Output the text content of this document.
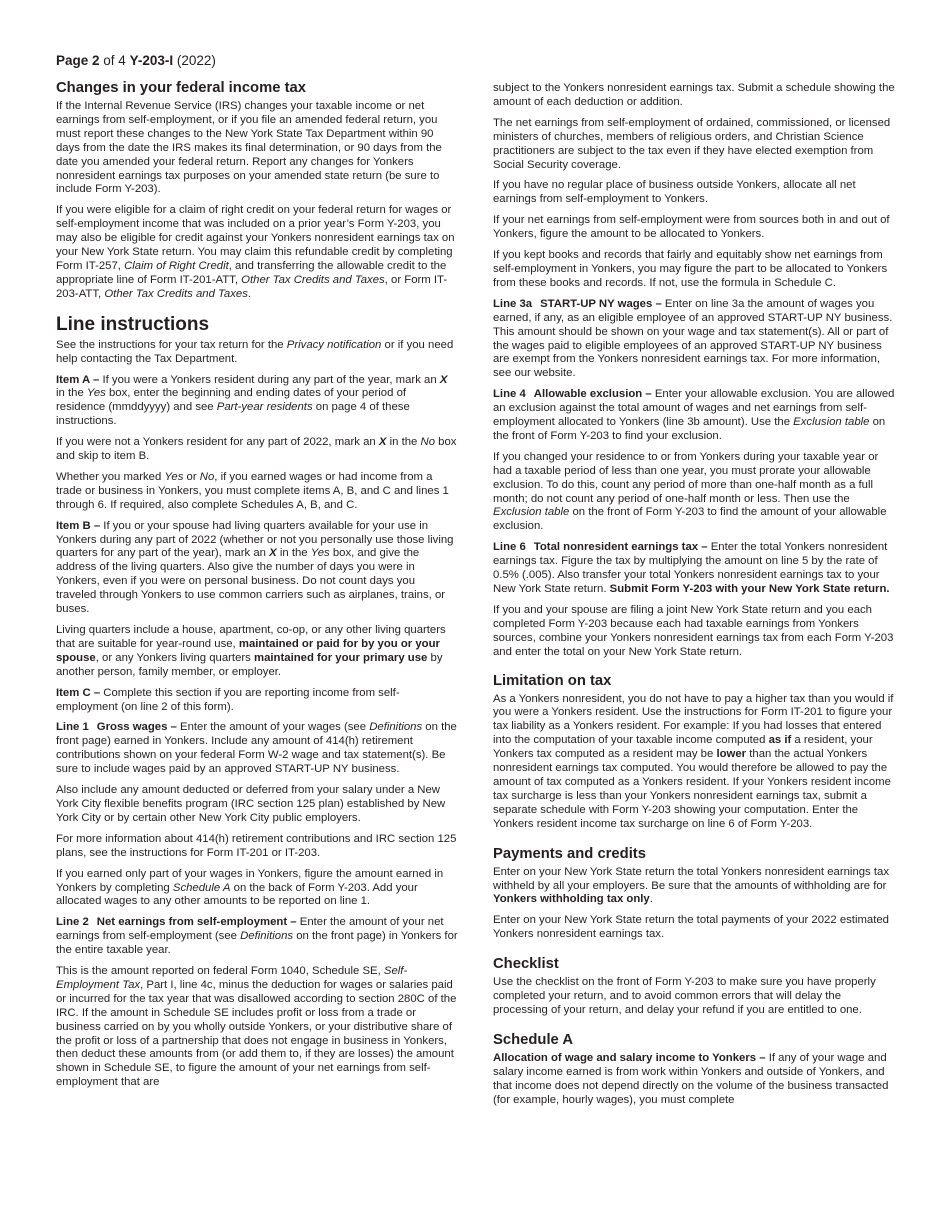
Page 2 of 4 Y-203-I (2022)
Changes in your federal income tax

If the Internal Revenue Service (IRS) changes your taxable income or net earnings from self-employment, or if you file an amended federal return, you must report these changes to the New York State Tax Department within 90 days from the date the IRS makes its final determination, or 90 days from the date you amended your federal return. Report any changes for Yonkers nonresident earnings tax purposes on your amended state return (be sure to include Form Y-203).

If you were eligible for a claim of right credit on your federal return for wages or self-employment income that was included on a prior year’s Form Y-203, you may also be eligible for credit against your Yonkers nonresident earnings tax on your New York State return. You may claim this refundable credit by completing Form IT-257, Claim of Right Credit, and transferring the allowable credit to the appropriate line of Form IT-201-ATT, Other Tax Credits and Taxes, or Form IT-203-ATT, Other Tax Credits and Taxes.

Line instructions

See the instructions for your tax return for the Privacy notification or if you need help contacting the Tax Department.

Item A – If you were a Yonkers resident during any part of the year, mark an X in the Yes box, enter the beginning and ending dates of your period of residence (mmddyyyy) and see Part-year residents on page 4 of these instructions.

If you were not a Yonkers resident for any part of 2022, mark an X in the No box and skip to item B.

Whether you marked Yes or No, if you earned wages or had income from a trade or business in Yonkers, you must complete items A, B, and C and lines 1 through 6. If required, also complete Schedules A, B, and C.

Item B – If you or your spouse had living quarters available for your use in Yonkers during any part of 2022 (whether or not you personally use those living quarters for any part of the year), mark an X in the Yes box, and give the address of the living quarters. Also give the number of days you were in Yonkers, even if you were on personal business. Do not count days you traveled through Yonkers to use common carriers such as airplanes, trains, or buses.

Living quarters include a house, apartment, co-op, or any other living quarters that are suitable for year-round use, maintained or paid for by you or your spouse, or any Yonkers living quarters maintained for your primary use by another person, family member, or employer.

Item C – Complete this section if you are reporting income from self-employment (on line 2 of this form).

Line 1 Gross wages – Enter the amount of your wages (see Definitions on the front page) earned in Yonkers. Include any amount of 414(h) retirement contributions shown on your federal Form W-2 wage and tax statement(s). Be sure to include wages paid by an approved START-UP NY business.

Also include any amount deducted or deferred from your salary under a New York City flexible benefits program (IRC section 125 plan) established by New York City or by certain other New York City public employers.

For more information about 414(h) retirement contributions and IRC section 125 plans, see the instructions for Form IT-201 or IT-203.

If you earned only part of your wages in Yonkers, figure the amount earned in Yonkers by completing Schedule A on the back of Form Y-203. Add your allocated wages to any other amounts to be reported on line 1.

Line 2 Net earnings from self-employment – Enter the amount of your net earnings from self-employment (see Definitions on the front page) in Yonkers for the entire taxable year.

This is the amount reported on federal Form 1040, Schedule SE, Self-Employment Tax, Part I, line 4c, minus the deduction for wages or salaries paid or incurred for the tax year that was disallowed according to section 280C of the IRC. If the amount in Schedule SE includes profit or loss from a trade or business carried on by you wholly outside Yonkers, or your distributive share of the profit or loss of a partnership that does not engage in business in Yonkers, then deduct these amounts from (or add them to, if they are losses) the amount shown in Schedule SE, to figure the amount of your net earnings from self-employment that are

subject to the Yonkers nonresident earnings tax. Submit a schedule showing the amount of each deduction or addition.

The net earnings from self-employment of ordained, commissioned, or licensed ministers of churches, members of religious orders, and Christian Science practitioners are subject to the tax even if they have elected exemption from Social Security coverage.

If you have no regular place of business outside Yonkers, allocate all net earnings from self-employment to Yonkers.

If your net earnings from self-employment were from sources both in and out of Yonkers, figure the amount to be allocated to Yonkers.

If you kept books and records that fairly and equitably show net earnings from self-employment in Yonkers, you may figure the part to be allocated to Yonkers from these books and records. If not, use the formula in Schedule C.

Line 3a START-UP NY wages – Enter on line 3a the amount of wages you earned, if any, as an eligible employee of an approved START-UP NY business. This amount should be shown on your wage and tax statement(s). All or part of the wages paid to eligible employees of an approved START-UP NY business are exempt from the Yonkers nonresident earnings tax. For more information, see our website.

Line 4 Allowable exclusion – Enter your allowable exclusion. You are allowed an exclusion against the total amount of wages and net earnings from self-employment allocated to Yonkers (line 3b amount). Use the Exclusion table on the front of Form Y-203 to find your exclusion.

If you changed your residence to or from Yonkers during your taxable year or had a taxable period of less than one year, you must prorate your allowable exclusion. To do this, count any period of more than one-half month as a full month; do not count any period of one-half month or less. Then use the Exclusion table on the front of Form Y-203 to find the amount of your allowable exclusion.

Line 6 Total nonresident earnings tax – Enter the total Yonkers nonresident earnings tax. Figure the tax by multiplying the amount on line 5 by the rate of 0.5% (.005). Also transfer your total Yonkers nonresident earnings tax to your New York State return. Submit Form Y-203 with your New York State return.

If you and your spouse are filing a joint New York State return and you each completed Form Y-203 because each had taxable earnings from Yonkers sources, combine your Yonkers nonresident earnings tax from each Form Y-203 and enter the total on your New York State return.

Limitation on tax

As a Yonkers nonresident, you do not have to pay a higher tax than you would if you were a Yonkers resident. Use the instructions for Form IT-201 to figure your tax liability as a Yonkers resident. For example: If you had losses that entered into the computation of your taxable income computed as if a resident, your Yonkers tax computed as a resident may be lower than the actual Yonkers nonresident earnings tax computed. You would therefore be allowed to pay the amount of tax computed as a Yonkers resident. If your Yonkers resident income tax surcharge is less than your Yonkers nonresident earnings tax, submit a separate schedule with Form Y-203 showing your computation. Enter the Yonkers resident income tax surcharge on line 6 of Form Y-203.

Payments and credits

Enter on your New York State return the total Yonkers nonresident earnings tax withheld by all your employers. Be sure that the amounts of withholding are for Yonkers withholding tax only.

Enter on your New York State return the total payments of your 2022 estimated Yonkers nonresident earnings tax.

Checklist

Use the checklist on the front of Form Y-203 to make sure you have properly completed your return, and to avoid common errors that will delay the processing of your return, and delay your refund if you are entitled to one.

Schedule A

Allocation of wage and salary income to Yonkers – If any of your wage and salary income earned is from work within Yonkers and outside of Yonkers, and that income does not depend directly on the volume of the business transacted (for example, hourly wages), you must complete
